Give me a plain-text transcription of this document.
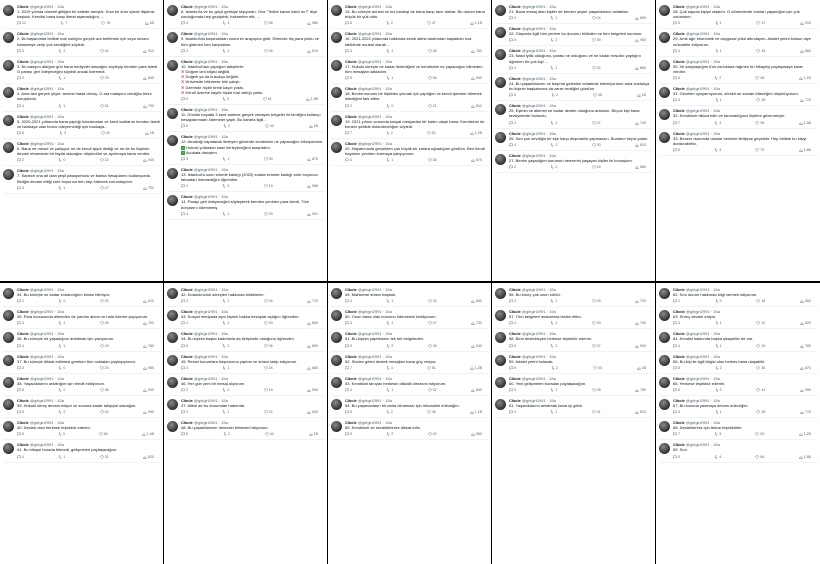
Cikcle @girigiri2991 · 15a
1. 2019 yılında düzenli gittiğim bir kafede tanıştık. Kısa bir süre içinde ilişkimiz başladı. Kendisi bana karşı itimat aşamadığını, ...
12	7	78	1B
Cikcle @girigiri2991 · 15a
2. İlk başlarımda birlikte mal varlığını gerçek adı belirtmek için veya unvanı hastaneye verip çok sevdiğimi söyledi.
5	2	34	912
Cikcle @girigiri2991 · 15a
3. İlk maaşını aldığım gün bana hediyeler alacağını söyleyip benden para istedi. O parayı geri ödeyeceğini söyledi ancak ödemedi.
3	1	29	845
Cikcle @girigiri2991 · 15a
4. Ama asıl gerçek şöyle: annesi hasta olmuş. O ara maaşımı verdiğim birini soruşturdu.
4	1	31	790
Cikcle @girigiri2991 · 15a
5. 2020-2021 yıllarında bana yaptığı harcamaları ve kredi kartlarını benden istedi ve bankaya olan borcu ödeyemediği için bankaya...
6	3	40	1B
Cikcle @girigiri2991 · 15a
6. Bana ne mesut ve çalışıyor ne de kendi işiydi dediği ve ne de bu ilişkinin devam etmesinde bir fayda olacağını düşündüm ve ayrılmaya karar verdim.
2	0	22	640
Cikcle @girigiri2991 · 15a
7. Sadece ona ait olan yeşil pasaportunu ve banka hesaplarını kullanıyordu. Birliğin devam ettiği süre boyunca ben hep ödemek zorundaydım.
3	1	27	702
Cikcle @girigiri2991 · 15a
8. İstanbul'a ve bu göçü gerisiye taşıyordu. Ona "Tedbir kararı kaldı mı?" diye sorduğumda hep geçiştirdi; hakaretler etti, ...
4	1	38	980
Cikcle @girigiri2991 · 15a
9. İstanbul'da boşandıktan sonra ev arayışına girdi. Elimizde hiç para yoktu ve tüm giderleri ben karşıladım.
3	1	26	810
Cikcle @girigiri2991 · 15a
10. İstanbul'dan yaptığım taleplerle:
✕ Doğum izni bilgisi değildi.
✕ Doğerli ya da hukukçu değildi.
✕ Üniversite bitirmese bile çalıştı.
✕ Üzerinde hiçbir kredi kaydı yoktu.
✕ Kendi üzerine kayıtlı hiçbir mal varlığı yoktu.
9	3	61	1,5B
Cikcle @girigiri2991 · 15a
11. Günlük hayatta 3 kere sadece gerçek olmayan belgeler ile kimliğini kullanıp hesaplarımdan ödemeler yaptı. Bu kararla ilgili...
5	2	44	1B
Cikcle @girigiri2991 · 15a
12. Amaklığı kapatarak ilerleyen günlerde kendisinin ne yapacağını bilmiyordum.
✓ Hukuki yollardan nasıl ilerleyeceğimi araştırdım.
✓ Avukata danıştım.
3	1	30	876
Cikcle @girigiri2991 · 15a
13. İstanbul'a uzun süredir kaldığı (2020) sırada evimde kaldığı süre boyunca faturaları ödemediğini öğrendim.
2	0	19	598
Cikcle @girigiri2991 · 15a
14. Parayı geri ödeyeceğini söyleyerek benden yeniden para istedi. Tüm borçlarını ödememiş.
4	1	33	901
Cikcle @girigiri2991 · 15a
15. Bu süreçte annesi ve kız kardeşi de bana karşı tavır aldılar. Bu durum bana büyük bir yük oldu.
6	2	47	1,1B
Cikcle @girigiri2991 · 15a
16. 2021-2022 yıllarında hakkında kendi ailesi tarafından başlatılan icra takibinde avukat olarak ...
3	1	28	760
Cikcle @girigiri2991 · 15a
17. Hukuki süreçte ne kadar ilerlediğimi ve kendisinin ne yapacağını bilmeden tüm mesajları sakladım.
5	1	36	940
Cikcle @girigiri2991 · 15a
18. Benim sorunlu bir ilişkiden çıkmak için yaptığım ve kendi işlerime dönmek istediğimi fark ettim.
2	0	21	612
Cikcle @girigiri2991 · 15a
19. 2021 yılının sonunda sosyal medyadan bir kadın ulaştı bana. Kendisinin de benzer şekilde dolandırıldığını söyledi.
7	2	52	1,2B
Cikcle @girigiri2991 · 15a
20. Hayatımızda gerçekten çok büyük bir zarara uğradığımı gördüm. Ben kendi hayatımı yeniden kurmaya çalışıyorum.
4	1	35	870
Cikcle @girigiri2991 · 15a
21. Bana mesaj atan kişiler de benzer şeyler yaşadıklarını anlattılar.
3	1	24	690
Cikcle @girigiri2991 · 15a
22. Olayımla ilgili tüm yerlere bu durumu bildirdim ve tüm belgeleri sundum.
5	2	39	950
Cikcle @girigiri2991 · 15a
23. Nasıl iyilik olduğunu, parası ne olduğunu ve ne kadar hırsızlık yaptığını öğrenen bir çok kişi ...
4	1	32	880
Cikcle @girigiri2991 · 15a
24. Bu yaşadıklarımı ve başıma gelenleri anlatmak istemiyordum ama sustukça bu kişinin başkalarına da zarar verdiğini gördüm.
6	2	45	1B
Cikcle @girigiri2991 · 15a
25. Eşimin ve ailemin ne kadar destek olduğunu anladım. Birçok kişi bana tavsiyelerde bulundu.
3	1	27	740
Cikcle @girigiri2991 · 15a
26. Sen çok sevdiğin bir eşe karşı düşmanlık yapmazsın. Bunların hepsi yalan.
4	1	30	810
Cikcle @girigiri2991 · 15a
27. Benim yaşadığım durumun benzerini yaşayan kişiler ile konuştum.
2	0	18	560
Cikcle @girigiri2991 · 15a
28. Çok sayıda kişiye ulaştım. O dönemlerde bunları yaşadığım için çok zorlandım.
5	1	37	910
Cikcle @girigiri2991 · 15a
29. Artık ağır ekonomik ve duygusal yükü altındayım. Adalet yerini bulsun diye mücadele ediyorum.
4	1	33	860
Cikcle @girigiri2991 · 15a
30. Ve karşılaştığım tüm zorluklara rağmen bu hikayeyi paylaşmaya karar verdim.
6	2	48	1,1B
Cikcle @girigiri2991 · 15a
31. Geceleri uyuyamıyorum, sürekli ne zaman biteceğini düşünüyorum.
3	1	26	720
Cikcle @girigiri2991 · 15a
32. Kendinize dikkat edin ve tanımadığınız kişilere güvenmeyin.
7	3	55	1,3B
Cikcle @girigiri2991 · 15a
33. Benzer durumda olanlar benimle iletişime geçebilir. Hep birlikte bu kişiyi durdurabiliriz.
9	4	70	1,6B
Cikcle @girigiri2991 · 15a
34. Bu süreçte ne kadar zorlandığımı kimse bilmiyor.
2	0	20	610
Cikcle @girigiri2991 · 15a
35. Para konusunda ailemden de yardım aldım ve hala ödeme yapıyorum.
3	1	25	700
Cikcle @girigiri2991 · 15a
36. Bu süreçte ne yaşadığımı anlatmak için yazıyorum.
4	1	29	780
Cikcle @girigiri2991 · 15a
37. Bu süreçte dikkat edilmesi gereken tüm noktaları paylaşıyorum.
3	0	23	650
Cikcle @girigiri2991 · 15a
38. Yaşadıklarımı anlattığım için tehdit ediliyorum.
5	2	38	930
Cikcle @girigiri2991 · 15a
39. Hukuki süreç devam ediyor ve sonuna kadar takipçisi olacağım.
6	2	42	990
Cikcle @girigiri2991 · 15a
40. Destek olan herkese teşekkür ederim.
8	3	60	1,4B
Cikcle @girigiri2991 · 15a
41. Bu hikaye burada bitmedi, gelişmeleri paylaşacağım.
4	1	31	820
Cikcle @girigiri2991 · 15a
42. Dolandırıcılık süreçleri hakkında bildiklerim.
3	1	26	710
Cikcle @girigiri2991 · 15a
43. Sosyal medyada aynı kişinin başka hesaplar açtığını öğrendim.
4	1	30	800
Cikcle @girigiri2991 · 15a
44. Bu kişinin başka kadınlarla da iletişimde olduğunu öğrendim.
5	2	36	890
Cikcle @girigiri2991 · 15a
45. Resmi kurumlara başvurumu yaptım ve süreci takip ediyorum.
3	1	24	680
Cikcle @girigiri2991 · 15a
46. Her gün yeni bir mesaj alıyorum.
2	0	19	590
Cikcle @girigiri2991 · 15a
47. Ailesi de bu durumdan haberdar.
3	1	22	640
Cikcle @girigiri2991 · 15a
48. Bu yaşadıklarımı herkesin bilmesini istiyorum.
6	2	44	1B
Cikcle @girigiri2991 · 15a
49. Mahkeme süreci başladı.
4	1	33	850
Cikcle @girigiri2991 · 15a
50. Onun bana olan borcunu ödemesini bekliyorum.
3	1	27	730
Cikcle @girigiri2991 · 15a
51. Bu kişinin yaptıklarını tek tek belgeledim.
5	2	39	940
Cikcle @girigiri2991 · 15a
52. Sizden gelen destek mesajları bana güç veriyor.
7	3	51	1,2B
Cikcle @girigiri2991 · 15a
53. Kendisini tanıyan herkesin dikkatli olmasını istiyorum.
4	1	32	840
Cikcle @girigiri2991 · 15a
54. Bu yaşananların bir daha olmaması için mücadele edeceğim.
6	2	46	1,1B
Cikcle @girigiri2991 · 15a
55. Kendinize ve sevdiklerinize dikkat edin.
5	2	40	960
Cikcle @girigiri2991 · 15a
56. Bu süreç çok uzun sürdü.
3	1	25	700
Cikcle @girigiri2991 · 15a
57. Tüm belgeleri avukatıma teslim ettim.
4	1	30	790
Cikcle @girigiri2991 · 15a
58. Beni destekleyen herkese teşekkür ederim.
5	2	37	900
Cikcle @girigiri2991 · 15a
59. Adalet yerini bulacak.
6	2	43	1B
Cikcle @girigiri2991 · 15a
60. Yeni gelişmeleri buradan paylaşacağım.
3	1	28	750
Cikcle @girigiri2991 · 15a
61. Yaşadıklarımı anlatmak bana iyi geldi.
4	1	31	810
Cikcle @girigiri2991 · 15a
62. Son durum hakkında bilgi vermek istiyorum.
2	0	18	560
Cikcle @girigiri2991 · 15a
63. Süreç devam ediyor.
3	1	22	620
Cikcle @girigiri2991 · 15a
64. Kendisi hakkında başka şikayetler de var.
4	1	29	780
Cikcle @girigiri2991 · 15a
65. Bu kişi ile ilgili bilgisi olan herkes bana ulaşabilir.
5	2	35	870
Cikcle @girigiri2991 · 15a
66. Herkese teşekkür ederim.
6	2	41	950
Cikcle @girigiri2991 · 15a
67. Bu konuda yazmaya devam edeceğim.
3	1	26	710
Cikcle @girigiri2991 · 15a
68. Destekleriniz için tekrar teşekkürler.
7	3	53	1,2B
Cikcle @girigiri2991 · 15a
69. Son.
9	4	66	1,5B
